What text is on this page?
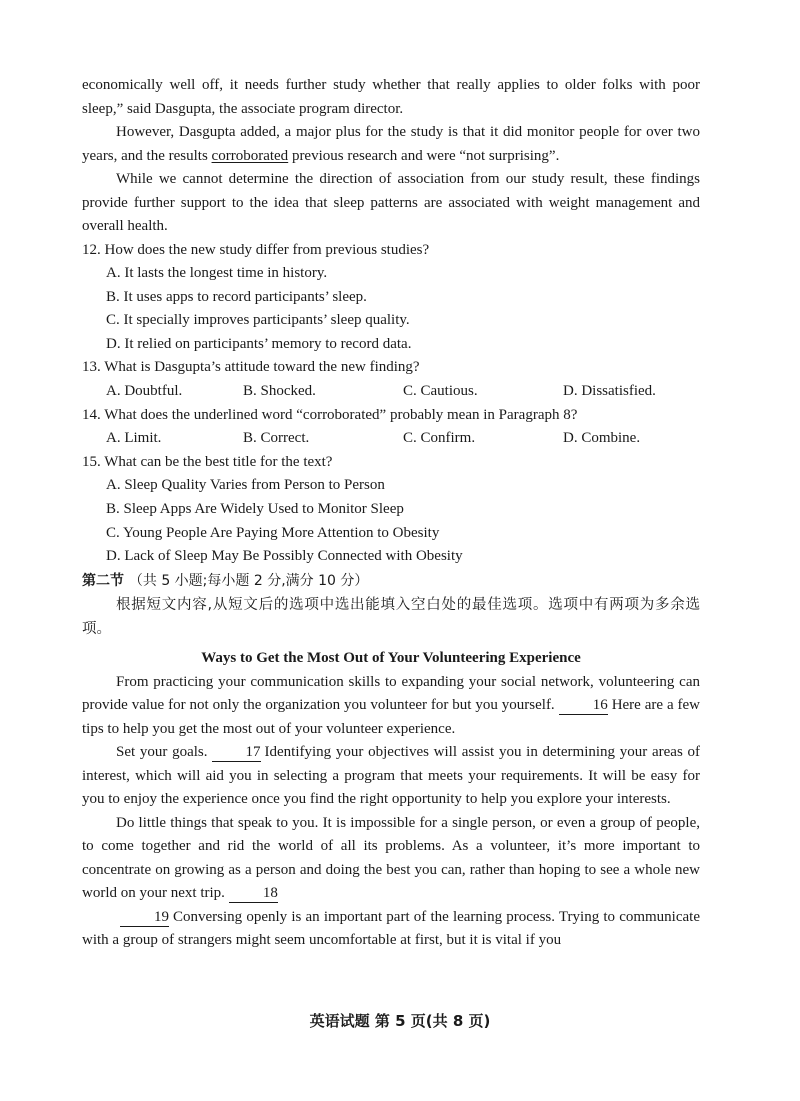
economically well off, it needs further study whether that really applies to older folks with poor sleep,” said Dasgupta, the associate program director.

However, Dasgupta added, a major plus for the study is that it did monitor people for over two years, and the results corroborated previous research and were “not surprising”.

While we cannot determine the direction of association from our study result, these findings provide further support to the idea that sleep patterns are associated with weight management and overall health.

12. How does the new study differ from previous studies?

A. It lasts the longest time in history.

B. It uses apps to record participants’ sleep.

C. It specially improves participants’ sleep quality.

D. It relied on participants’ memory to record data.

13. What is Dasgupta’s attitude toward the new finding?

A. Doubtful.	B. Shocked.	C. Cautious.	D. Dissatisfied.

14. What does the underlined word “corroborated” probably mean in Paragraph 8?

A. Limit.	B. Correct.	C. Confirm.	D. Combine.

15. What can be the best title for the text?

A. Sleep Quality Varies from Person to Person

B. Sleep Apps Are Widely Used to Monitor Sleep

C. Young People Are Paying More Attention to Obesity

D. Lack of Sleep May Be Possibly Connected with Obesity

第二节 （共 5 小题;每小题 2 分,满分 10 分）

根据短文内容,从短文后的选项中选出能填入空白处的最佳选项。选项中有两项为多余选项。

Ways to Get the Most Out of Your Volunteering Experience

From practicing your communication skills to expanding your social network, volunteering can provide value for not only the organization you volunteer for but you yourself.	16 Here are a few tips to help you get the most out of your volunteer experience.

Set your goals.	17 Identifying your objectives will assist you in determining your areas of interest, which will aid you in selecting a program that meets your requirements. It will be easy for you to enjoy the experience once you find the right opportunity to help you explore your interests.

Do little things that speak to you. It is impossible for a single person, or even a group of people, to come together and rid the world of all its problems. As a volunteer, it’s more important to concentrate on growing as a person and doing the best you can, rather than hoping to see a whole new world on your next trip.	18

19 Conversing openly is an important part of the learning process. Trying to communicate with a group of strangers might seem uncomfortable at first, but it is vital if you

英语试题 第 5 页(共 8 页)
